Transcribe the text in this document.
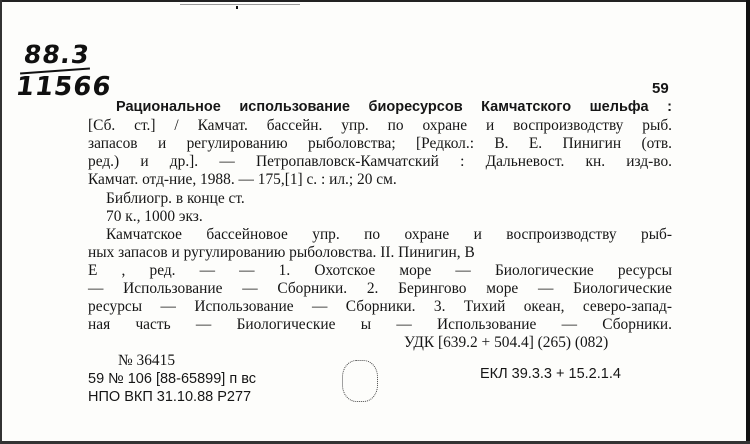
88.3
11566	59
Рациональное использование биоресурсов Камчатского шельфа :
[Сб. ст.] / Камчат. бассейн. упр. по охране и воспроизводству рыб.
запасов и регулированию рыболовства; [Редкол.: В. Е. Пинигин (отв.
ред.) и др.]. — Петропавловск-Камчатский : Дальневост. кн. изд-во.
Камчат. отд-ние, 1988. — 175,[1] с. : ил.; 20 см.
Библиогр. в конце ст.
70 к., 1000 экз.
Камчатское бассейновое упр. по охране и воспроизводству рыб-
ных запасов и ругулированию рыболовства. II. Пинигин, В
Е , ред. — — 1. Охотское море — Биологические ресурсы
— Использование — Сборники. 2. Берингово море — Биологические
ресурсы — Использование — Сборники. 3. Тихий океан, северо-запад-
ная часть — Биологические ы — Использование — Сборники.
УДК [639.2 + 504.4] (265) (082)
№ 36415
59 № 106 [88-65899] п вс
НПО ВКП 31.10.88 Р277
ЕКЛ 39.3.3 + 15.2.1.4
